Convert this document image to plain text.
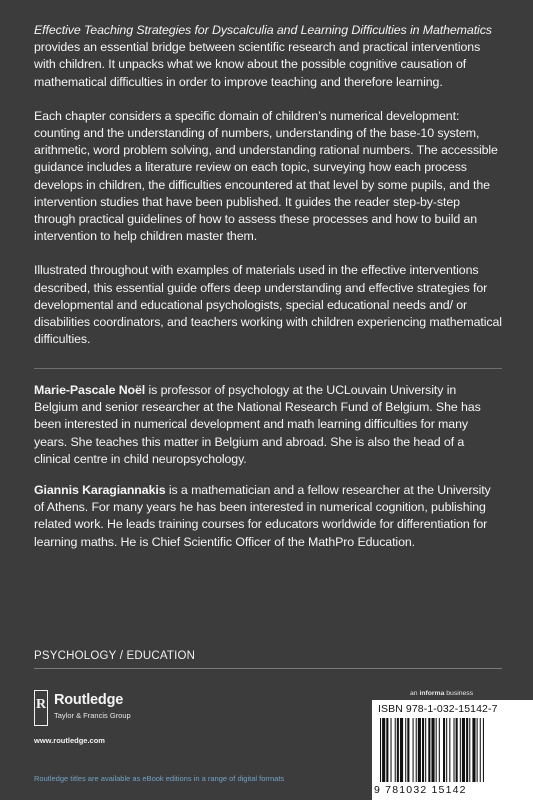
Effective Teaching Strategies for Dyscalculia and Learning Difficulties in Mathematics provides an essential bridge between scientific research and practical interventions with children. It unpacks what we know about the possible cognitive causation of mathematical difficulties in order to improve teaching and therefore learning.

Each chapter considers a specific domain of children’s numerical development: counting and the understanding of numbers, understanding of the base-10 system, arithmetic, word problem solving, and understanding rational numbers. The accessible guidance includes a literature review on each topic, surveying how each process develops in children, the difficulties encountered at that level by some pupils, and the intervention studies that have been published. It guides the reader step-by-step through practical guidelines of how to assess these processes and how to build an intervention to help children master them.

Illustrated throughout with examples of materials used in the effective interventions described, this essential guide offers deep understanding and effective strategies for developmental and educational psychologists, special educational needs and/ or disabilities coordinators, and teachers working with children experiencing mathematical difficulties.

Marie-Pascale Noël is professor of psychology at the UCLouvain University in Belgium and senior researcher at the National Research Fund of Belgium. She has been interested in numerical development and math learning difficulties for many years. She teaches this matter in Belgium and abroad. She is also the head of a clinical centre in child neuropsychology.

Giannis Karagiannakis is a mathematician and a fellow researcher at the University of Athens. For many years he has been interested in numerical cognition, publishing related work. He leads training courses for educators worldwide for differentiation for learning maths. He is Chief Scientific Officer of the MathPro Education.

PSYCHOLOGY / EDUCATION
R Routledge
Taylor & Francis Group
www.routledge.com
Routledge titles are available as eBook editions in a range of digital formats
an informa business
ISBN 978-1-032-15142-7
9 781032 15142
